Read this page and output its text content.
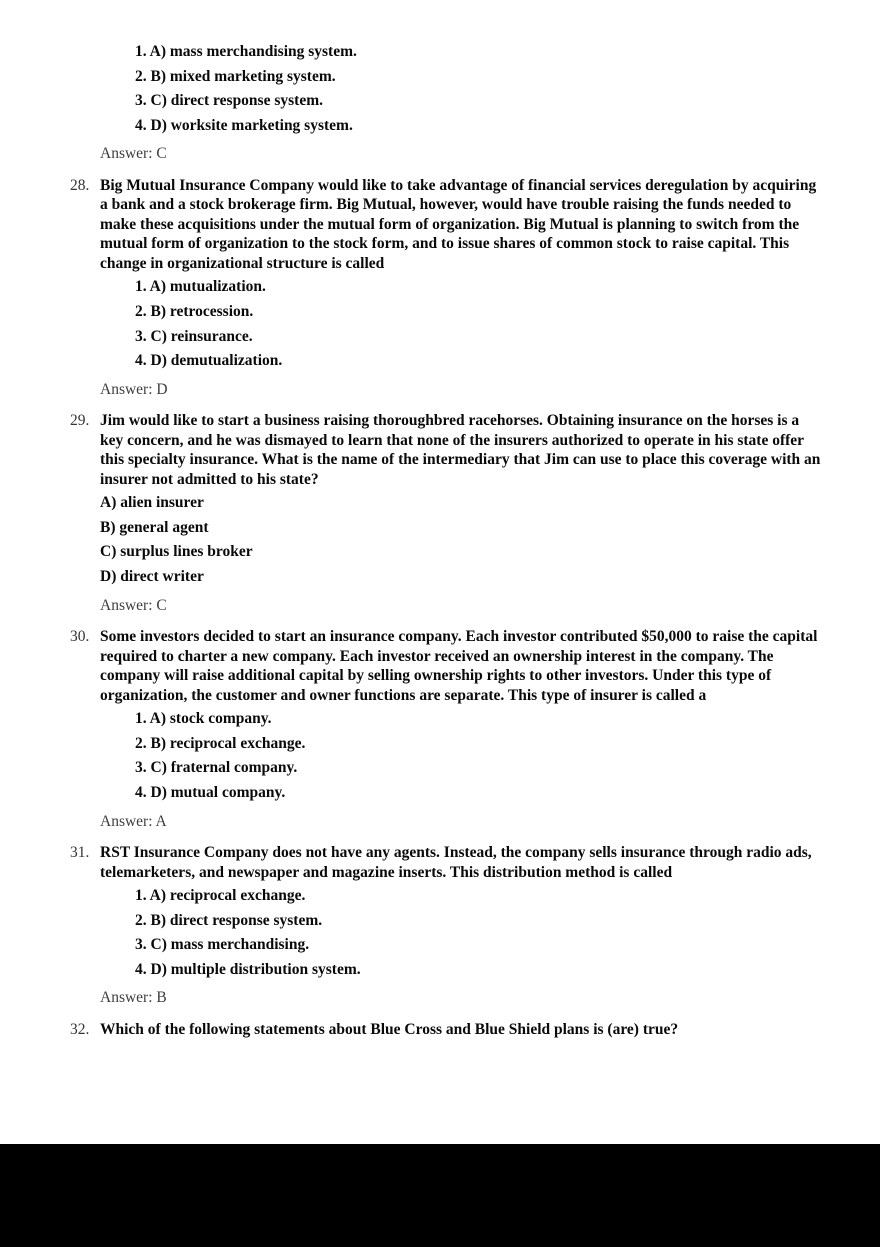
1. A) mass merchandising system.
2. B) mixed marketing system.
3. C) direct response system.
4. D) worksite marketing system.

Answer: C

28. Big Mutual Insurance Company would like to take advantage of financial services deregulation by acquiring a bank and a stock brokerage firm. Big Mutual, however, would have trouble raising the funds needed to make these acquisitions under the mutual form of organization. Big Mutual is planning to switch from the mutual form of organization to the stock form, and to issue shares of common stock to raise capital. This change in organizational structure is called

1. A) mutualization.
2. B) retrocession.
3. C) reinsurance.
4. D) demutualization.

Answer: D

29. Jim would like to start a business raising thoroughbred racehorses. Obtaining insurance on the horses is a key concern, and he was dismayed to learn that none of the insurers authorized to operate in his state offer this specialty insurance. What is the name of the intermediary that Jim can use to place this coverage with an insurer not admitted to his state?

A) alien insurer
B) general agent
C) surplus lines broker
D) direct writer

Answer: C

30. Some investors decided to start an insurance company. Each investor contributed $50,000 to raise the capital required to charter a new company. Each investor received an ownership interest in the company. The company will raise additional capital by selling ownership rights to other investors. Under this type of organization, the customer and owner functions are separate. This type of insurer is called a

1. A) stock company.
2. B) reciprocal exchange.
3. C) fraternal company.
4. D) mutual company.

Answer: A

31. RST Insurance Company does not have any agents. Instead, the company sells insurance through radio ads, telemarketers, and newspaper and magazine inserts. This distribution method is called

1. A) reciprocal exchange.
2. B) direct response system.
3. C) mass merchandising.
4. D) multiple distribution system.

Answer: B

32. Which of the following statements about Blue Cross and Blue Shield plans is (are) true?
